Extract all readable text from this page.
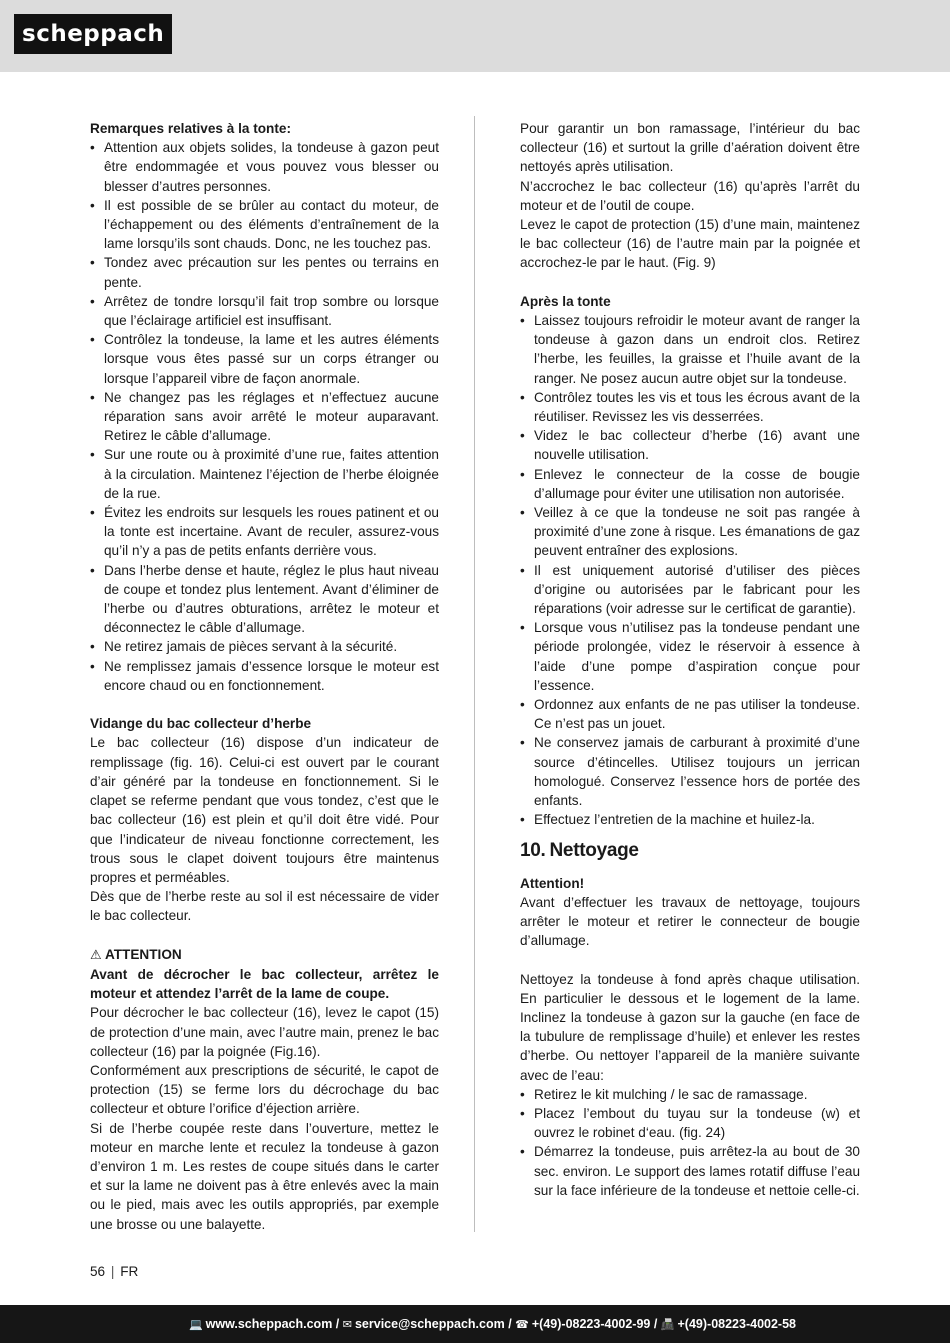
scheppach

Remarques relatives à la tonte:

• Attention aux objets solides, la tondeuse à gazon peut être endommagée et vous pouvez vous blesser ou blesser d’autres personnes.
• Il est possible de se brûler au contact du moteur, de l’échappement ou des éléments d’entraînement de la lame lorsqu’ils sont chauds. Donc, ne les touchez pas.
• Tondez avec précaution sur les pentes ou terrains en pente.
• Arrêtez de tondre lorsqu’il fait trop sombre ou lorsque que l’éclairage artificiel est insuffisant.
• Contrôlez la tondeuse, la lame et les autres éléments lorsque vous êtes passé sur un corps étranger ou lorsque l’appareil vibre de façon anormale.
• Ne changez pas les réglages et n’effectuez aucune réparation sans avoir arrêté le moteur auparavant. Retirez le câble d’allumage.
• Sur une route ou à proximité d’une rue, faites attention à la circulation. Maintenez l’éjection de l’herbe éloignée de la rue.
• Évitez les endroits sur lesquels les roues patinent et ou la tonte est incertaine. Avant de reculer, assurez-vous qu’il n’y a pas de petits enfants derrière vous.
• Dans l’herbe dense et haute, réglez le plus haut niveau de coupe et tondez plus lentement. Avant d’éliminer de l’herbe ou d’autres obturations, arrêtez le moteur et déconnectez le câble d’allumage.
• Ne retirez jamais de pièces servant à la sécurité.
• Ne remplissez jamais d’essence lorsque le moteur est encore chaud ou en fonctionnement.

Vidange du bac collecteur d’herbe

Le bac collecteur (16) dispose d’un indicateur de remplissage (fig. 16). Celui-ci est ouvert par le courant d’air généré par la tondeuse en fonctionnement. Si le clapet se referme pendant que vous tondez, c’est que le bac collecteur (16) est plein et qu’il doit être vidé. Pour que l’indicateur de niveau fonctionne correctement, les trous sous le clapet doivent toujours être maintenus propres et perméables.

Dès que de l’herbe reste au sol il est nécessaire de vider le bac collecteur.

⚠ ATTENTION

Avant de décrocher le bac collecteur, arrêtez le moteur et attendez l’arrêt de la lame de coupe.

Pour décrocher le bac collecteur (16), levez le capot (15) de protection d’une main, avec l’autre main, prenez le bac collecteur (16) par la poignée (Fig.16).

Conformément aux prescriptions de sécurité, le capot de protection (15) se ferme lors du décrochage du bac collecteur et obture l’orifice d’éjection arrière.

Si de l’herbe coupée reste dans l’ouverture, mettez le moteur en marche lente et reculez la tondeuse à gazon d’environ 1 m. Les restes de coupe situés dans le carter et sur la lame ne doivent pas à être enlevés avec la main ou le pied, mais avec les outils appropriés, par exemple une brosse ou une balayette.

Pour garantir un bon ramassage, l’intérieur du bac collecteur (16) et surtout la grille d’aération doivent être nettoyés après utilisation.

N’accrochez le bac collecteur (16) qu’après l’arrêt du moteur et de l’outil de coupe.

Levez le capot de protection (15) d’une main, maintenez le bac collecteur (16) de l’autre main par la poignée et accrochez-le par le haut. (Fig. 9)

Après la tonte

• Laissez toujours refroidir le moteur avant de ranger la tondeuse à gazon dans un endroit clos. Retirez l’herbe, les feuilles, la graisse et l’huile avant de la ranger. Ne posez aucun autre objet sur la tondeuse.
• Contrôlez toutes les vis et tous les écrous avant de la réutiliser. Revissez les vis desserrées.
• Videz le bac collecteur d’herbe (16) avant une nouvelle utilisation.
• Enlevez le connecteur de la cosse de bougie d’allumage pour éviter une utilisation non autorisée.
• Veillez à ce que la tondeuse ne soit pas rangée à proximité d’une zone à risque. Les émanations de gaz peuvent entraîner des explosions.
• Il est uniquement autorisé d’utiliser des pièces d’origine ou autorisées par le fabricant pour les réparations (voir adresse sur le certificat de garantie).
• Lorsque vous n’utilisez pas la tondeuse pendant une période prolongée, videz le réservoir à essence à l’aide d’une pompe d’aspiration conçue pour l’essence.
• Ordonnez aux enfants de ne pas utiliser la tondeuse. Ce n’est pas un jouet.
• Ne conservez jamais de carburant à proximité d’une source d’étincelles. Utilisez toujours un jerrican homologué. Conservez l’essence hors de portée des enfants.
• Effectuez l’entretien de la machine et huilez-la.
10. Nettoyage

Attention!

Avant d’effectuer les travaux de nettoyage, toujours arrêter le moteur et retirer le connecteur de bougie d’allumage.

Nettoyez la tondeuse à fond après chaque utilisation. En particulier le dessous et le logement de la lame. Inclinez la tondeuse à gazon sur la gauche (en face de la tubulure de remplissage d’huile) et enlever les restes d’herbe. Ou nettoyer l’appareil de la manière suivante avec de l’eau:

• Retirez le kit mulching / le sac de ramassage.
• Placez l’embout du tuyau sur la tondeuse (w) et ouvrez le robinet d‘eau. (fig. 24)
• Démarrez la tondeuse, puis arrêtez-la au bout de 30 sec. environ. Le support des lames rotatif diffuse l’eau sur la face inférieure de la tondeuse et nettoie celle-ci.
56 | FR
💻 www.scheppach.com / ✉ service@scheppach.com / ☎ +(49)-08223-4002-99 / 📠 +(49)-08223-4002-58
